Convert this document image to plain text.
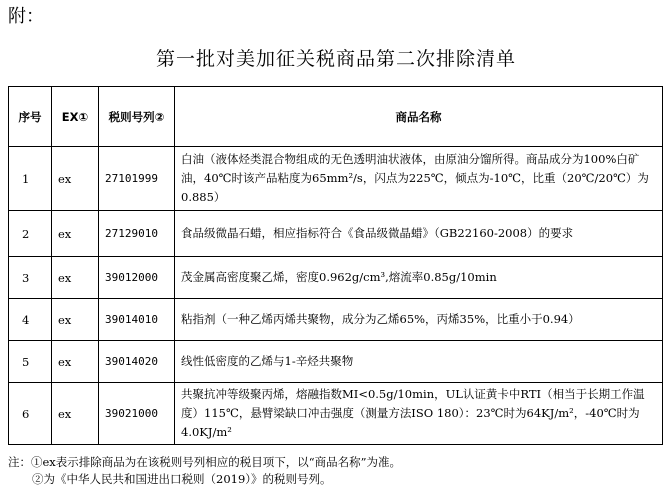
附：
第一批对美加征关税商品第二次排除清单
序号	EX①	税则号列②	商品名称
1	ex	27101999	白油（液体烃类混合物组成的无色透明油状液体，由原油分馏所得。商品成分为100%白矿油，40℃时该产品粘度为65mm²/s，闪点为225℃，倾点为-10℃，比重（20℃/20℃）为0.885）
2	ex	27129010	食品级微晶石蜡，相应指标符合《食品级微晶蜡》（GB22160-2008）的要求
3	ex	39012000	茂金属高密度聚乙烯，密度0.962g/cm³,熔流率0.85g/10min
4	ex	39014010	粘指剂（一种乙烯丙烯共聚物，成分为乙烯65%，丙烯35%，比重小于0.94）
5	ex	39014020	线性低密度的乙烯与1-辛烃共聚物
6	ex	39021000	共聚抗冲等级聚丙烯，熔融指数MI<0.5g/10min，UL认证黄卡中RTI（相当于长期工作温度）115℃，悬臂梁缺口冲击强度（测量方法ISO 180）：23℃时为64KJ/m²，-40℃时为4.0KJ/m²
注：①ex表示排除商品为在该税则号列相应的税目项下，以“商品名称”为准。
②为《中华人民共和国进出口税则（2019）》的税则号列。
